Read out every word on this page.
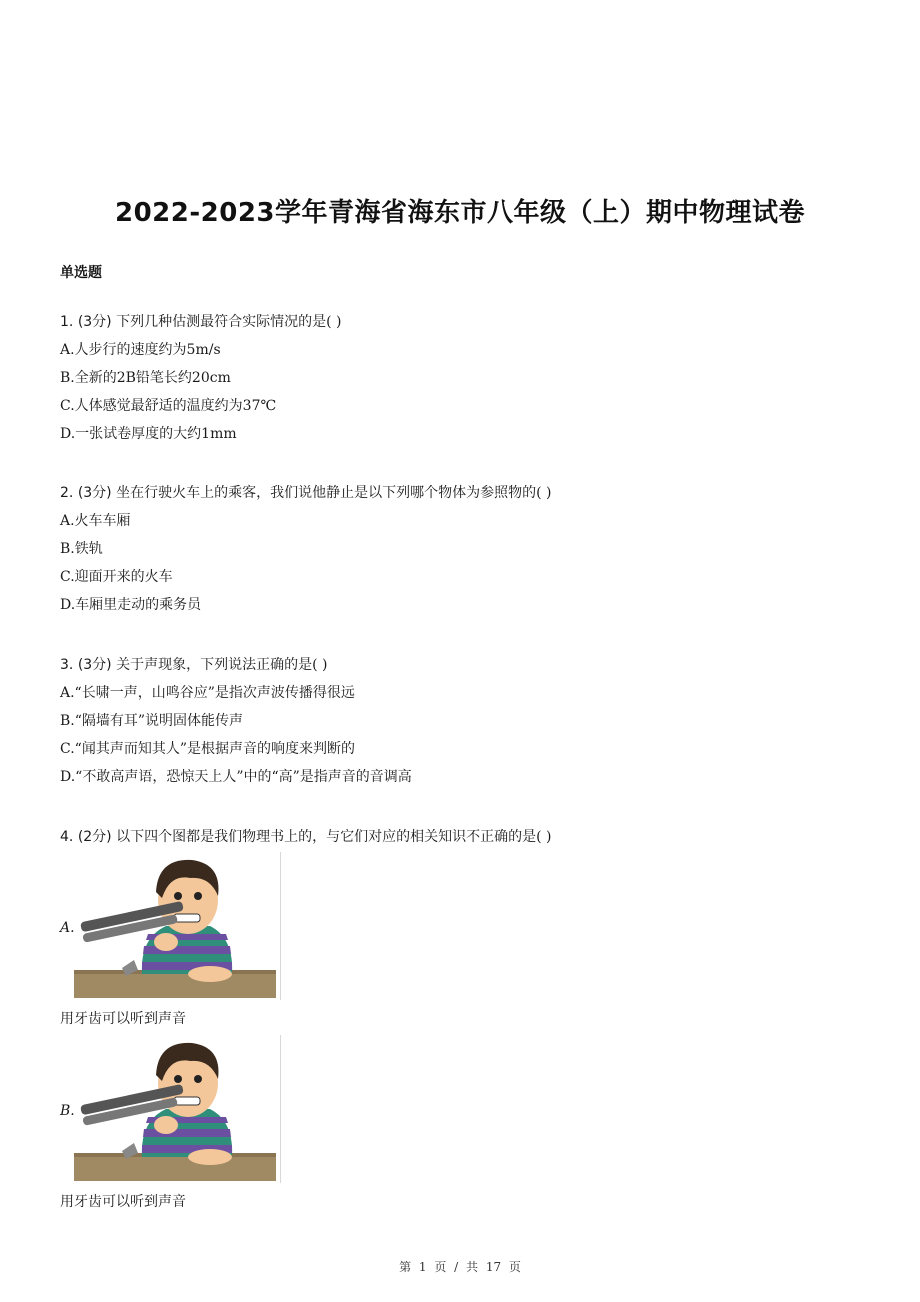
2022-2023学年青海省海东市八年级（上）期中物理试卷
单选题
1. (3分) 下列几种估测最符合实际情况的是( )
A.人步行的速度约为5m/s
B.全新的2B铅笔长约20cm
C.人体感觉最舒适的温度约为37℃
D.一张试卷厚度的大约1mm
2. (3分) 坐在行驶火车上的乘客，我们说他静止是以下列哪个物体为参照物的( )
A.火车车厢
B.铁轨
C.迎面开来的火车
D.车厢里走动的乘务员
3. (3分) 关于声现象，下列说法正确的是( )
A.“长啸一声，山鸣谷应”是指次声波传播得很远
B.“隔墙有耳”说明固体能传声
C.“闻其声而知其人”是根据声音的响度来判断的
D.“不敢高声语，恐惊天上人”中的“高”是指声音的音调高
4. (2分) 以下四个图都是我们物理书上的，与它们对应的相关知识不正确的是( )
A.
用牙齿可以听到声音
B.
用牙齿可以听到声音
第 1 页 / 共 17 页
